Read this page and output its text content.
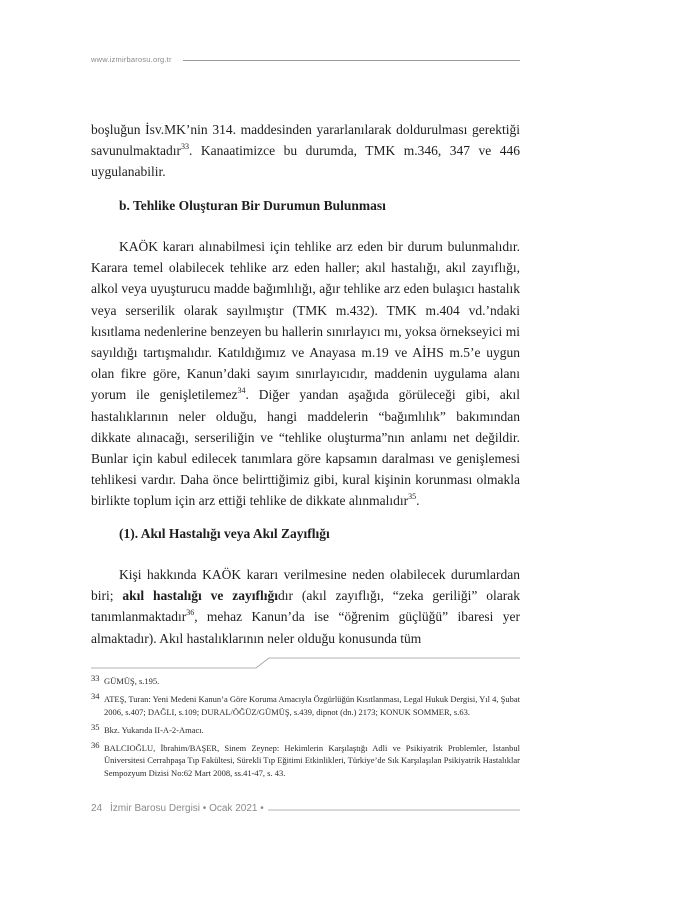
www.izmirbarosu.org.tr

boşluğun İsv.MK’nin 314. maddesinden yararlanılarak doldurulması gerektiği savunulmaktadır$^{33}$. Kanaatimizce bu durumda, TMK m.346, 347 ve 446 uygulanabilir.

b. Tehlike Oluşturan Bir Durumun Bulunması

KAÖK kararı alınabilmesi için tehlike arz eden bir durum bulunmalıdır. Karara temel olabilecek tehlike arz eden haller; akıl hastalığı, akıl zayıflığı, alkol veya uyuşturucu madde bağımlılığı, ağır tehlike arz eden bulaşıcı hastalık veya serserilik olarak sayılmıştır (TMK m.432). TMK m.404 vd.’ndaki kısıtlama nedenlerine benzeyen bu hallerin sınırlayıcı mı, yoksa örnekseyici mi sayıldığı tartışmalıdır. Katıldığımız ve Anayasa m.19 ve AİHS m.5’e uygun olan fikre göre, Kanun’daki sayım sınırlayıcıdır, maddenin uygulama alanı yorum ile genişletilemez$^{34}$. Diğer yandan aşağıda görüleceği gibi, akıl hastalıklarının neler olduğu, hangi maddelerin “bağımlılık” bakımından dikkate alınacağı, serseriliğin ve “tehlike oluşturma”nın anlamı net değildir. Bunlar için kabul edilecek tanımlara göre kapsamın daralması ve genişlemesi tehlikesi vardır. Daha önce belirttiğimiz gibi, kural kişinin korunması olmakla birlikte toplum için arz ettiği tehlike de dikkate alınmalıdır$^{35}$.

(1). Akıl Hastalığı veya Akıl Zayıflığı

Kişi hakkında KAÖK kararı verilmesine neden olabilecek durumlardan biri; akıl hastalığı ve zayıflığıdır (akıl zayıflığı, “zeka geriliği” olarak tanımlanmaktadır$^{36}$, mehaz Kanun’da ise “öğrenim güçlüğü” ibaresi yer almaktadır). Akıl hastalıklarının neler olduğu konusunda tüm

33 GÜMÜŞ, s.195.
34 ATEŞ, Turan: Yeni Medeni Kanun’a Göre Koruma Amacıyla Özgürlüğün Kısıtlanması, Legal Hukuk Dergisi, Yıl 4, Şubat 2006, s.407; DAĞLI, s.109; DURAL/ÖĞÜZ/GÜMÜŞ, s.439, dipnot (dn.) 2173; KONUK SOMMER, s.63.
35 Bkz. Yukarıda II-A-2-Amacı.
36 BALCIOĞLU, İbrahim/BAŞER, Sinem Zeynep: Hekimlerin Karşılaştığı Adli ve Psikiyatrik Problemler, İstanbul Üniversitesi Cerrahpaşa Tıp Fakültesi, Sürekli Tıp Eğitimi Etkinlikleri, Türkiye’de Sık Karşılaşılan Psikiyatrik Hastalıklar Sempozyum Dizisi No:62 Mart 2008, ss.41-47, s. 43.
24 İzmir Barosu Dergisi • Ocak 2021 •
